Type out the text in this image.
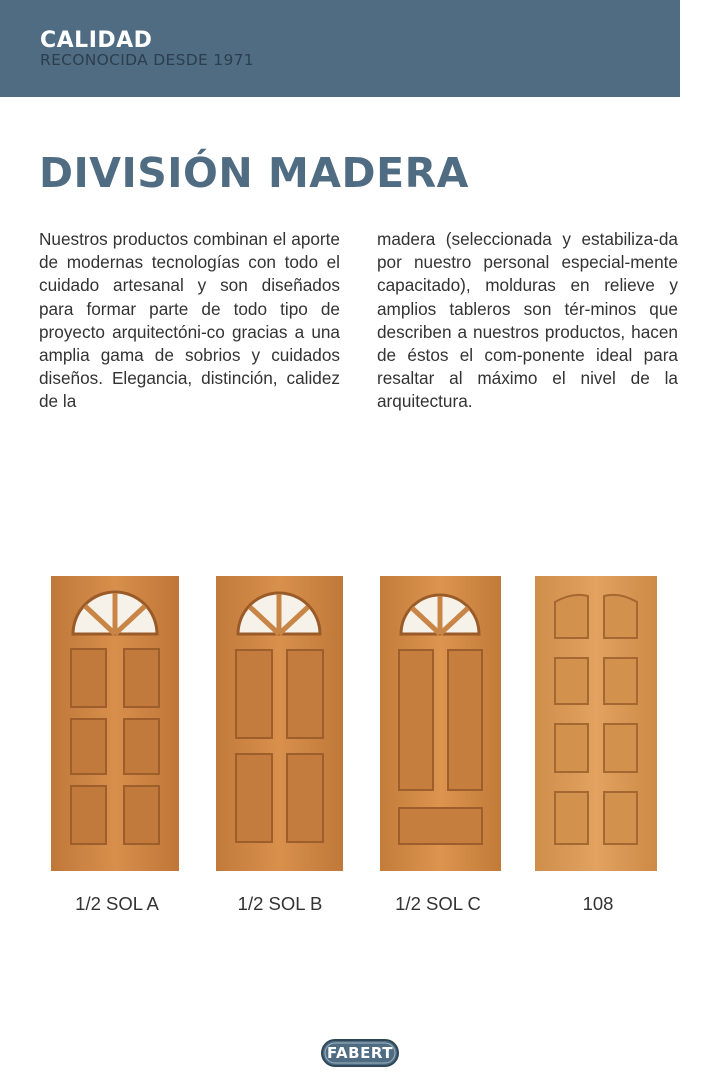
CALIDAD
RECONOCIDA DESDE 1971
DIVISIÓN MADERA

Nuestros productos combinan el aporte de modernas tecnologías con todo el cuidado artesanal y son diseñados para formar parte de todo tipo de proyecto arquitectóni-co gracias a una amplia gama de sobrios y cuidados diseños. Elegancia, distinción, calidez de la

madera (seleccionada y estabiliza-da por nuestro personal especial-mente capacitado), molduras en relieve y amplios tableros son tér-minos que describen a nuestros productos, hacen de éstos el com-ponente ideal para resaltar al máximo el nivel de la arquitectura.

1/2 SOL A	1/2 SOL B	1/2 SOL C	108
FABERT
